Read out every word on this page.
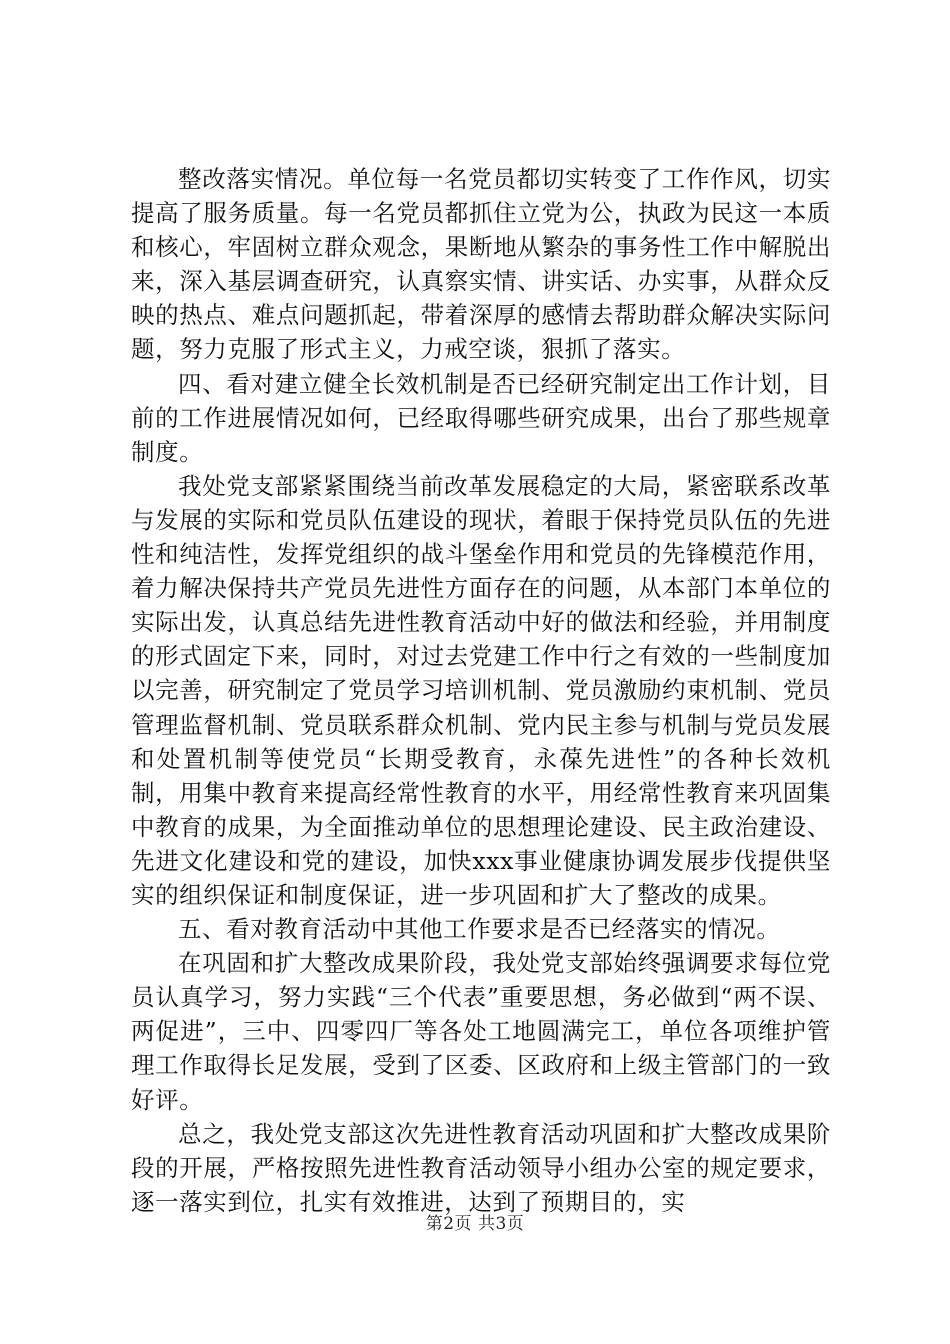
整改落实情况。单位每一名党员都切实转变了工作作风，切实提高了服务质量。每一名党员都抓住立党为公，执政为民这一本质和核心，牢固树立群众观念，果断地从繁杂的事务性工作中解脱出来，深入基层调查研究，认真察实情、讲实话、办实事，从群众反映的热点、难点问题抓起，带着深厚的感情去帮助群众解决实际问题，努力克服了形式主义，力戒空谈，狠抓了落实。

四、看对建立健全长效机制是否已经研究制定出工作计划，目前的工作进展情况如何，已经取得哪些研究成果，出台了那些规章制度。

我处党支部紧紧围绕当前改革发展稳定的大局，紧密联系改革与发展的实际和党员队伍建设的现状，着眼于保持党员队伍的先进性和纯洁性，发挥党组织的战斗堡垒作用和党员的先锋模范作用，着力解决保持共产党员先进性方面存在的问题，从本部门本单位的实际出发，认真总结先进性教育活动中好的做法和经验，并用制度的形式固定下来，同时，对过去党建工作中行之有效的一些制度加以完善，研究制定了党员学习培训机制、党员激励约束机制、党员管理监督机制、党员联系群众机制、党内民主参与机制与党员发展和处置机制等使党员“长期受教育，永葆先进性”的各种长效机制，用集中教育来提高经常性教育的水平，用经常性教育来巩固集中教育的成果，为全面推动单位的思想理论建设、民主政治建设、先进文化建设和党的建设，加快xxx事业健康协调发展步伐提供坚实的组织保证和制度保证，进一步巩固和扩大了整改的成果。

五、看对教育活动中其他工作要求是否已经落实的情况。

在巩固和扩大整改成果阶段，我处党支部始终强调要求每位党员认真学习，努力实践“三个代表”重要思想，务必做到“两不误、两促进”，三中、四零四厂等各处工地圆满完工，单位各项维护管理工作取得长足发展，受到了区委、区政府和上级主管部门的一致好评。

总之，我处党支部这次先进性教育活动巩固和扩大整改成果阶段的开展，严格按照先进性教育活动领导小组办公室的规定要求，逐一落实到位，扎实有效推进，达到了预期目的，实

第2页 共3页
